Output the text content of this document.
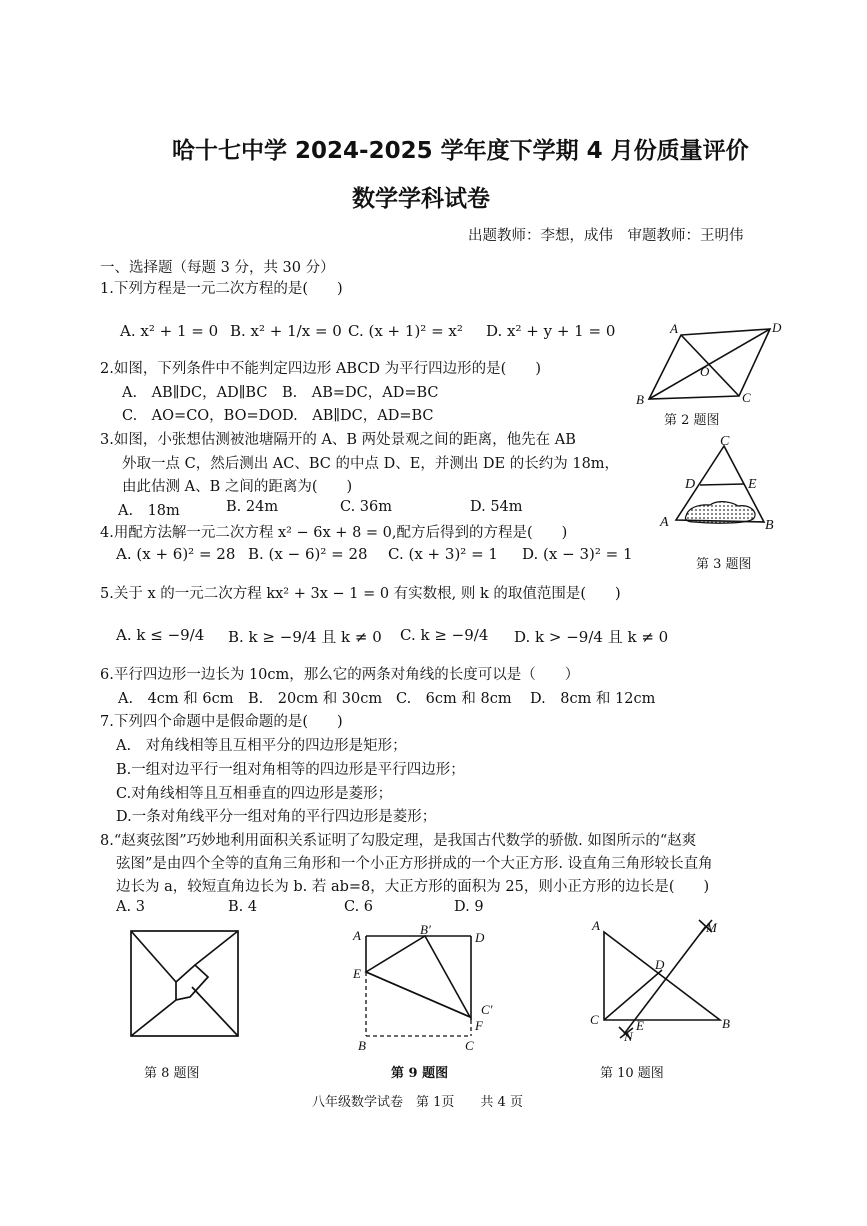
哈十七中学 2024-2025 学年度下学期 4 月份质量评价
数学学科试卷
出题教师：李想，成伟　审题教师：王明伟
一、选择题（每题 3 分，共 30 分）
1.下列方程是一元二次方程的是(　　)
A. x² + 1 = 0 B. x² + 1/x = 0 C. (x + 1)² = x² D. x² + y + 1 = 0
2.如图，下列条件中不能判定四边形 ABCD 为平行四边形的是(　　)
A.　AB∥DC，AD∥BC B.　AB=DC，AD=BC
C.　AO=CO，BO=DO D.　AB∥DC，AD=BC
3.如图，小张想估测被池塘隔开的 A、B 两处景观之间的距离，他先在 AB
外取一点 C，然后测出 AC、BC 的中点 D、E，并测出 DE 的长约为 18m，
由此估测 A、B 之间的距离为(　　)
A.　18m	B. 24m	C. 36m	D. 54m
4.用配方法解一元二次方程 x² − 6x + 8 = 0,配方后得到的方程是(　　)
A. (x + 6)² = 28 B. (x − 6)² = 28 C. (x + 3)² = 1 D. (x − 3)² = 1
5.关于 x 的一元二次方程 kx² + 3x − 1 = 0 有实数根, 则 k 的取值范围是(　　)
A. k ≤ −9/4 B. k ≥ −9/4 且 k ≠ 0 C. k ≥ −9/4 D. k > −9/4 且 k ≠ 0
6.平行四边形一边长为 10cm，那么它的两条对角线的长度可以是（　　）
A.　4cm 和 6cm B.　20cm 和 30cm C.　6cm 和 8cm D.　8cm 和 12cm
7.下列四个命题中是假命题的是(　　)
A.　对角线相等且互相平分的四边形是矩形；
B.一组对边平行一组对角相等的四边形是平行四边形；
C.对角线相等且互相垂直的四边形是菱形；
D.一条对角线平分一组对角的平行四边形是菱形；
8.“赵爽弦图”巧妙地利用面积关系证明了勾股定理，是我国古代数学的骄傲. 如图所示的“赵爽
弦图”是由四个全等的直角三角形和一个小正方形拼成的一个大正方形. 设直角三角形较长直角
边长为 a，较短直角边长为 b. 若 ab=8，大正方形的面积为 25，则小正方形的边长是(　　)
A. 3	B. 4	C. 6	D. 9
A	D
O
B	C
第 2 题图
C
D	E
A	B
第 3 题图
第 8 题图
A	B′
D
E
C′
F
B	C
第 9 题图
A	M
D
C	E
N
B
第 10 题图
八年级数学试卷　第 1页　　共 4 页
